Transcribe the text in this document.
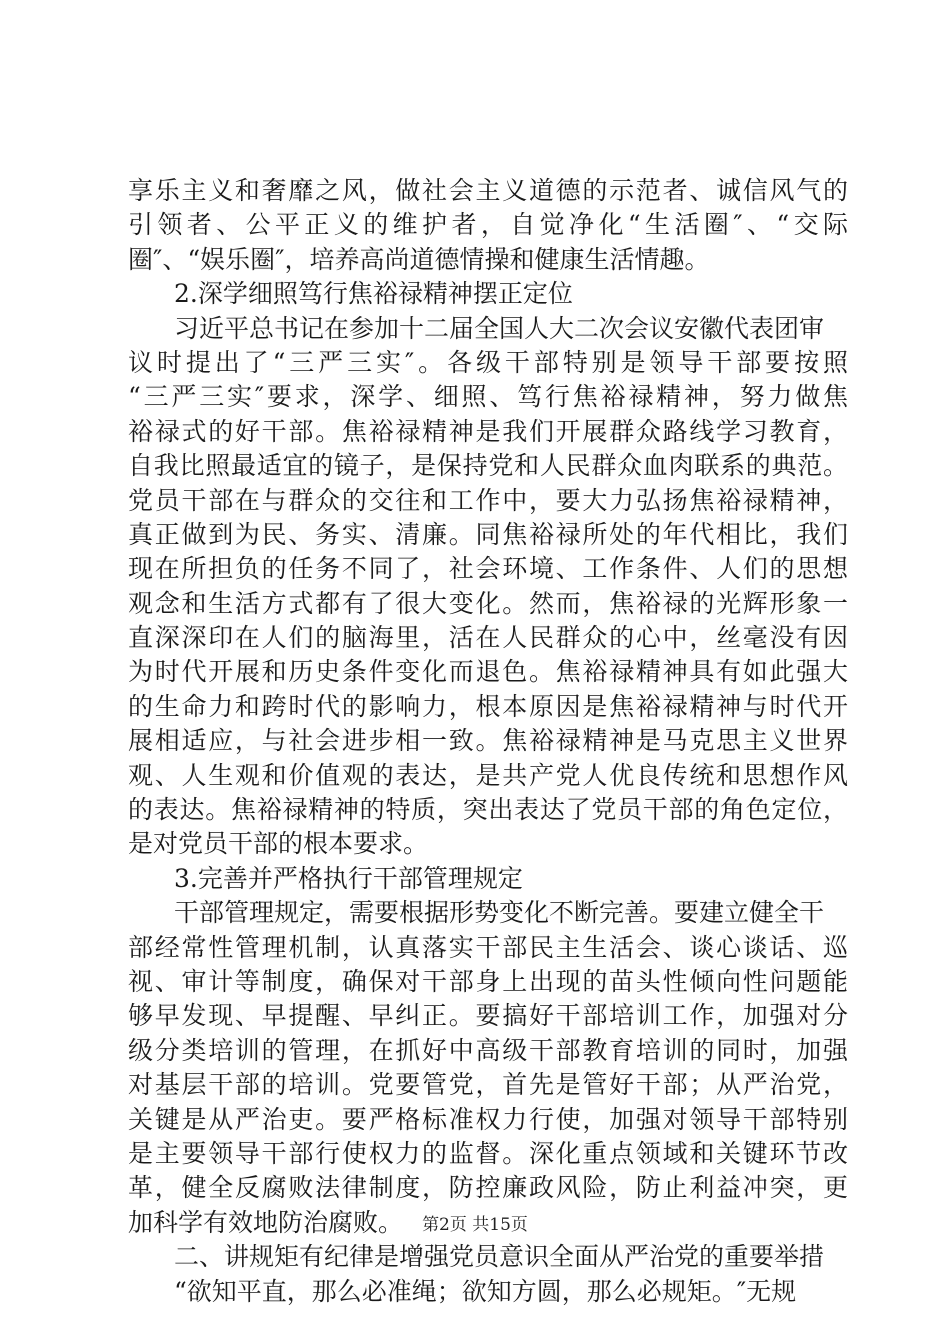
享乐主义和奢靡之风，做社会主义道德的示范者、诚信风气的
引领者、公平正义的维护者，自觉净化“生活圈″、“交际
圈″、“娱乐圈″，培养高尚道德情操和健康生活情趣。
2.深学细照笃行焦裕禄精神摆正定位
习近平总书记在参加十二届全国人大二次会议安徽代表团审
议时提出了“三严三实″。各级干部特别是领导干部要按照
“三严三实″要求，深学、细照、笃行焦裕禄精神，努力做焦
裕禄式的好干部。焦裕禄精神是我们开展群众路线学习教育，
自我比照最适宜的镜子，是保持党和人民群众血肉联系的典范。
党员干部在与群众的交往和工作中，要大力弘扬焦裕禄精神，
真正做到为民、务实、清廉。同焦裕禄所处的年代相比，我们
现在所担负的任务不同了，社会环境、工作条件、人们的思想
观念和生活方式都有了很大变化。然而，焦裕禄的光辉形象一
直深深印在人们的脑海里，活在人民群众的心中，丝毫没有因
为时代开展和历史条件变化而退色。焦裕禄精神具有如此强大
的生命力和跨时代的影响力，根本原因是焦裕禄精神与时代开
展相适应，与社会进步相一致。焦裕禄精神是马克思主义世界
观、人生观和价值观的表达，是共产党人优良传统和思想作风
的表达。焦裕禄精神的特质，突出表达了党员干部的角色定位，
是对党员干部的根本要求。
3.完善并严格执行干部管理规定
干部管理规定，需要根据形势变化不断完善。要建立健全干
部经常性管理机制，认真落实干部民主生活会、谈心谈话、巡
视、审计等制度，确保对干部身上出现的苗头性倾向性问题能
够早发现、早提醒、早纠正。要搞好干部培训工作，加强对分
级分类培训的管理，在抓好中高级干部教育培训的同时，加强
对基层干部的培训。党要管党，首先是管好干部；从严治党，
关键是从严治吏。要严格标准权力行使，加强对领导干部特别
是主要领导干部行使权力的监督。深化重点领域和关键环节改
革，健全反腐败法律制度，防控廉政风险，防止利益冲突，更
加科学有效地防治腐败。
二、讲规矩有纪律是增强党员意识全面从严治党的重要举措
“欲知平直，那么必准绳；欲知方圆，那么必规矩。″无规
第2页 共15页
